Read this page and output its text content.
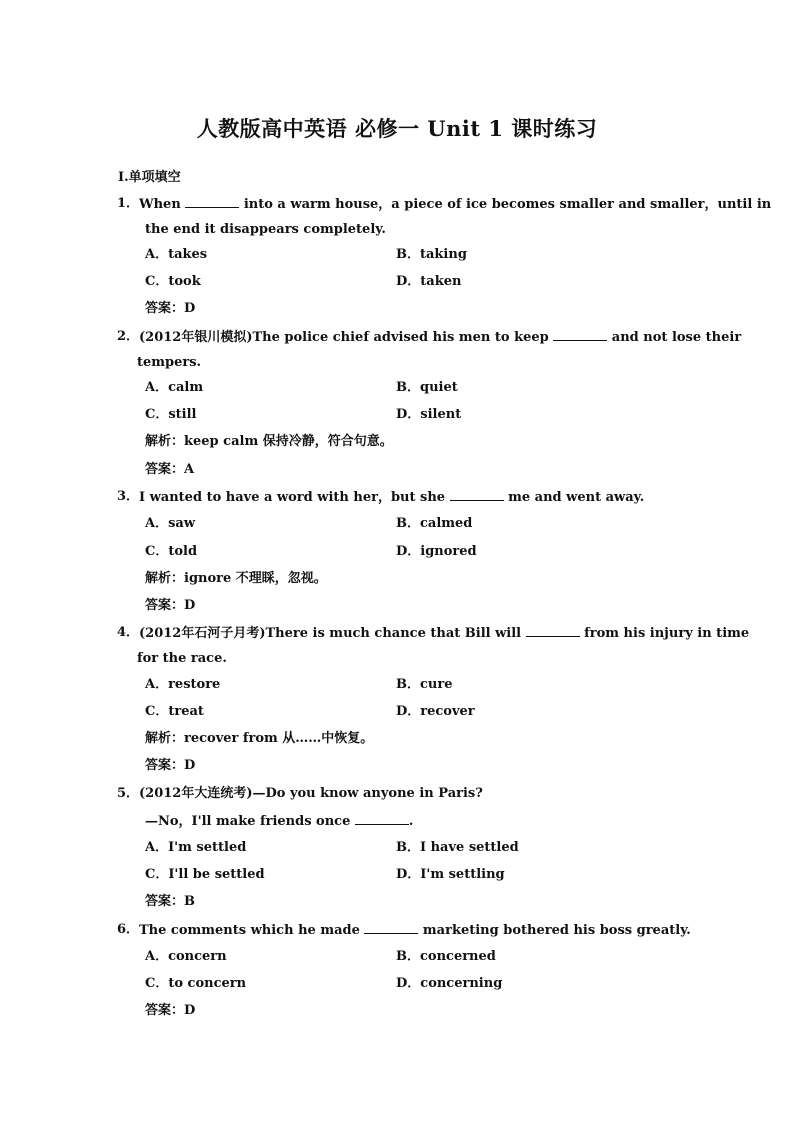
人教版高中英语 必修一 Unit 1 课时练习
Ⅰ.单项填空
1． When	into a warm house，a piece of ice becomes smaller and smaller，until in
the end it disappears completely.
A．takes	B．taking
C．took	D．taken
答案：D
2． (2012年银川模拟)The police chief advised his men to keep	and not lose their
tempers.
A．calm	B．quiet
C．still	D．silent
解析：keep calm 保持冷静，符合句意。
答案：A
3． I wanted to have a word with her，but she	me and went away.
A．saw	B．calmed
C．told	D．ignored
解析：ignore 不理睬，忽视。
答案：D
4． (2012年石河子月考)There is much chance that Bill will	from his injury in time
for the race.
A．restore	B．cure
C．treat	D．recover
解析：recover from 从……中恢复。
答案：D
5． (2012年大连统考)—Do you know anyone in Paris?
—No，I'll make friends once	.
A．I'm settled	B．I have settled
C．I'll be settled	D．I'm settling
答案：B
6． The comments which he made	marketing bothered his boss greatly.
A．concern	B．concerned
C．to concern	D．concerning
答案：D
